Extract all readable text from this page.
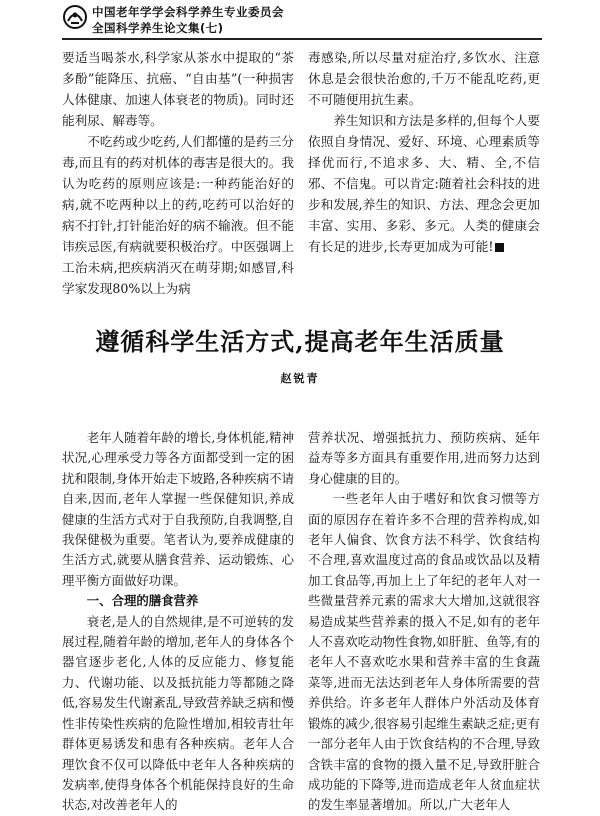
中国老年学学会科学养生专业委员会
全国科学养生论文集(七)

要适当喝茶水,科学家从茶水中提取的“茶多酚”能降压、抗癌、“自由基”(一种损害人体健康、加速人体衰老的物质)。同时还能利尿、解毒等。

不吃药或少吃药,人们都懂的是药三分毒,而且有的药对机体的毒害是很大的。我认为吃药的原则应该是:一种药能治好的病,就不吃两种以上的药,吃药可以治好的病不打针,打针能治好的病不输液。但不能讳疾忌医,有病就要积极治疗。中医强调上工治未病,把疾病消灭在萌芽期;如感冒,科学家发现80%以上为病

毒感染,所以尽量对症治疗,多饮水、注意休息是会很快治愈的,千万不能乱吃药,更不可随便用抗生素。

养生知识和方法是多样的,但每个人要依照自身情况、爱好、环境、心理素质等择优而行,不追求多、大、精、全,不信邪、不信鬼。可以肯定:随着社会科技的进步和发展,养生的知识、方法、理念会更加丰富、实用、多彩、多元。人类的健康会有长足的进步,长寿更加成为可能!

遵循科学生活方式,提高老年生活质量
赵锐青

老年人随着年龄的增长,身体机能,精神状况,心理承受力等各方面都受到一定的困扰和限制,身体开始走下坡路,各种疾病不请自来,因而,老年人掌握一些保健知识,养成健康的生活方式对于自我预防,自我调整,自我保健极为重要。笔者认为,要养成健康的生活方式,就要从膳食营养、运动锻炼、心理平衡方面做好功课。

一、合理的膳食营养

衰老,是人的自然规律,是不可逆转的发展过程,随着年龄的增加,老年人的身体各个器官逐步老化,人体的反应能力、修复能力、代谢功能、以及抵抗能力等都随之降低,容易发生代谢紊乱,导致营养缺乏病和慢性非传染性疾病的危险性增加,相较青壮年群体更易诱发和患有各种疾病。老年人合理饮食不仅可以降低中老年人各种疾病的发病率,使得身体各个机能保持良好的生命状态,对改善老年人的

营养状况、增强抵抗力、预防疾病、延年益寿等多方面具有重要作用,进而努力达到身心健康的目的。

一些老年人由于嗜好和饮食习惯等方面的原因存在着许多不合理的营养构成,如老年人偏食、饮食方法不科学、饮食结构不合理,喜欢温度过高的食品或饮品以及精加工食品等,再加上上了年纪的老年人对一些微量营养元素的需求大大增加,这就很容易造成某些营养素的摄入不足,如有的老年人不喜欢吃动物性食物,如肝脏、鱼等,有的老年人不喜欢吃水果和营养丰富的生食蔬菜等,进而无法达到老年人身体所需要的营养供给。许多老年人群体户外活动及体育锻炼的减少,很容易引起维生素缺乏症;更有一部分老年人由于饮食结构的不合理,导致含铁丰富的食物的摄入量不足,导致肝脏合成功能的下降等,进而造成老年人贫血症状的发生率显著增加。所以,广大老年人
